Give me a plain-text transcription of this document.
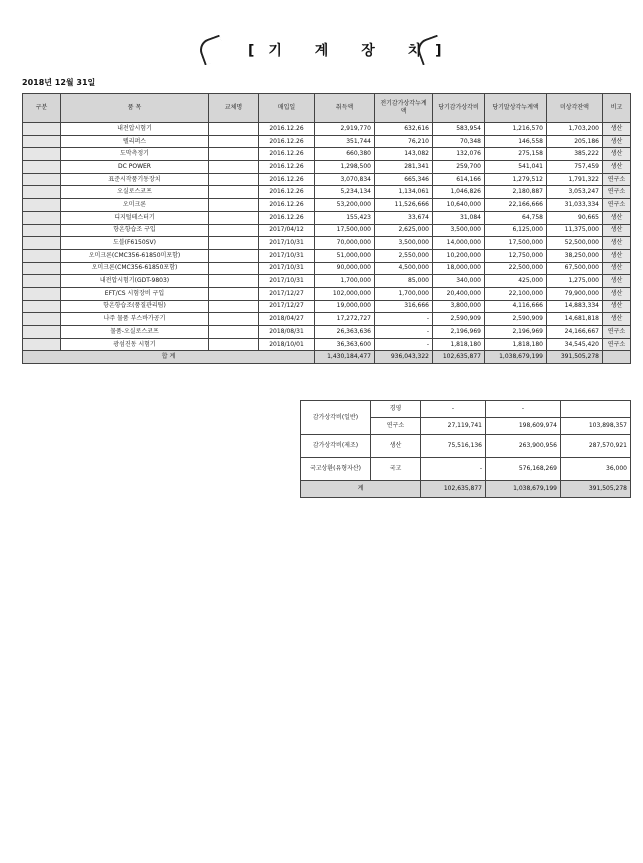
[기 계 장 치]
2018년 12월 31일
구분	품 목	교체명	매입일	취득액	전기감가상각누계액	당기감가상각비	당기말상각누계액	미상각잔액	비고
	내전압시험기		2016.12.26	2,919,770	632,616	583,954	1,216,570	1,703,200	생산
	텔리퍼스		2016.12.26	351,744	76,210	70,348	146,558	205,186	생산
	도막측정기		2016.12.26	660,380	143,082	132,076	275,158	385,222	생산
	DC POWER		2016.12.26	1,298,500	281,341	259,700	541,041	757,459	생산
	표준시작품기동장치		2016.12.26	3,070,834	665,346	614,166	1,279,512	1,791,322	연구소
	오실로스코프		2016.12.26	5,234,134	1,134,061	1,046,826	2,180,887	3,053,247	연구소
	오미크론		2016.12.26	53,200,000	11,526,666	10,640,000	22,166,666	31,033,334	연구소
	디지털테스터기		2016.12.26	155,423	33,674	31,084	64,758	90,665	생산
	항온항습조 구입		2017/04/12	17,500,000	2,625,000	3,500,000	6,125,000	11,375,000	생산
	도블(F6150SV)		2017/10/31	70,000,000	3,500,000	14,000,000	17,500,000	52,500,000	생산
	오미크론(CMC356-61850미포함)		2017/10/31	51,000,000	2,550,000	10,200,000	12,750,000	38,250,000	생산
	오미크론(CMC356-61850포함)		2017/10/31	90,000,000	4,500,000	18,000,000	22,500,000	67,500,000	생산
	내전압시험기(GDT-9803)		2017/10/31	1,700,000	85,000	340,000	425,000	1,275,000	생산
	EFT/CS 시험장비 구입		2017/12/27	102,000,000	1,700,000	20,400,000	22,100,000	79,900,000	생산
	항온항습조(품질관리팀)		2017/12/27	19,000,000	316,666	3,800,000	4,116,666	14,883,334	생산
	나주 물품 부스바가공기		2018/04/27	17,272,727	-	2,590,909	2,590,909	14,681,818	생산
	물품-오실로스코프		2018/08/31	26,363,636	-	2,196,969	2,196,969	24,166,667	연구소
	광섬진동 시험기		2018/10/01	36,363,600	-	1,818,180	1,818,180	34,545,420	연구소
합 계				1,430,184,477	936,043,322	102,635,877	1,038,679,199	391,505,278	
감가상각비(일반)	경영	-	-	
	연구소	27,119,741	198,609,974	103,898,357
감가상각비(제조)	생산	75,516,136	263,900,956	287,570,921
국고상환(유형자산)	국고	-	576,168,269	36,000
계		102,635,877	1,038,679,199	391,505,278
